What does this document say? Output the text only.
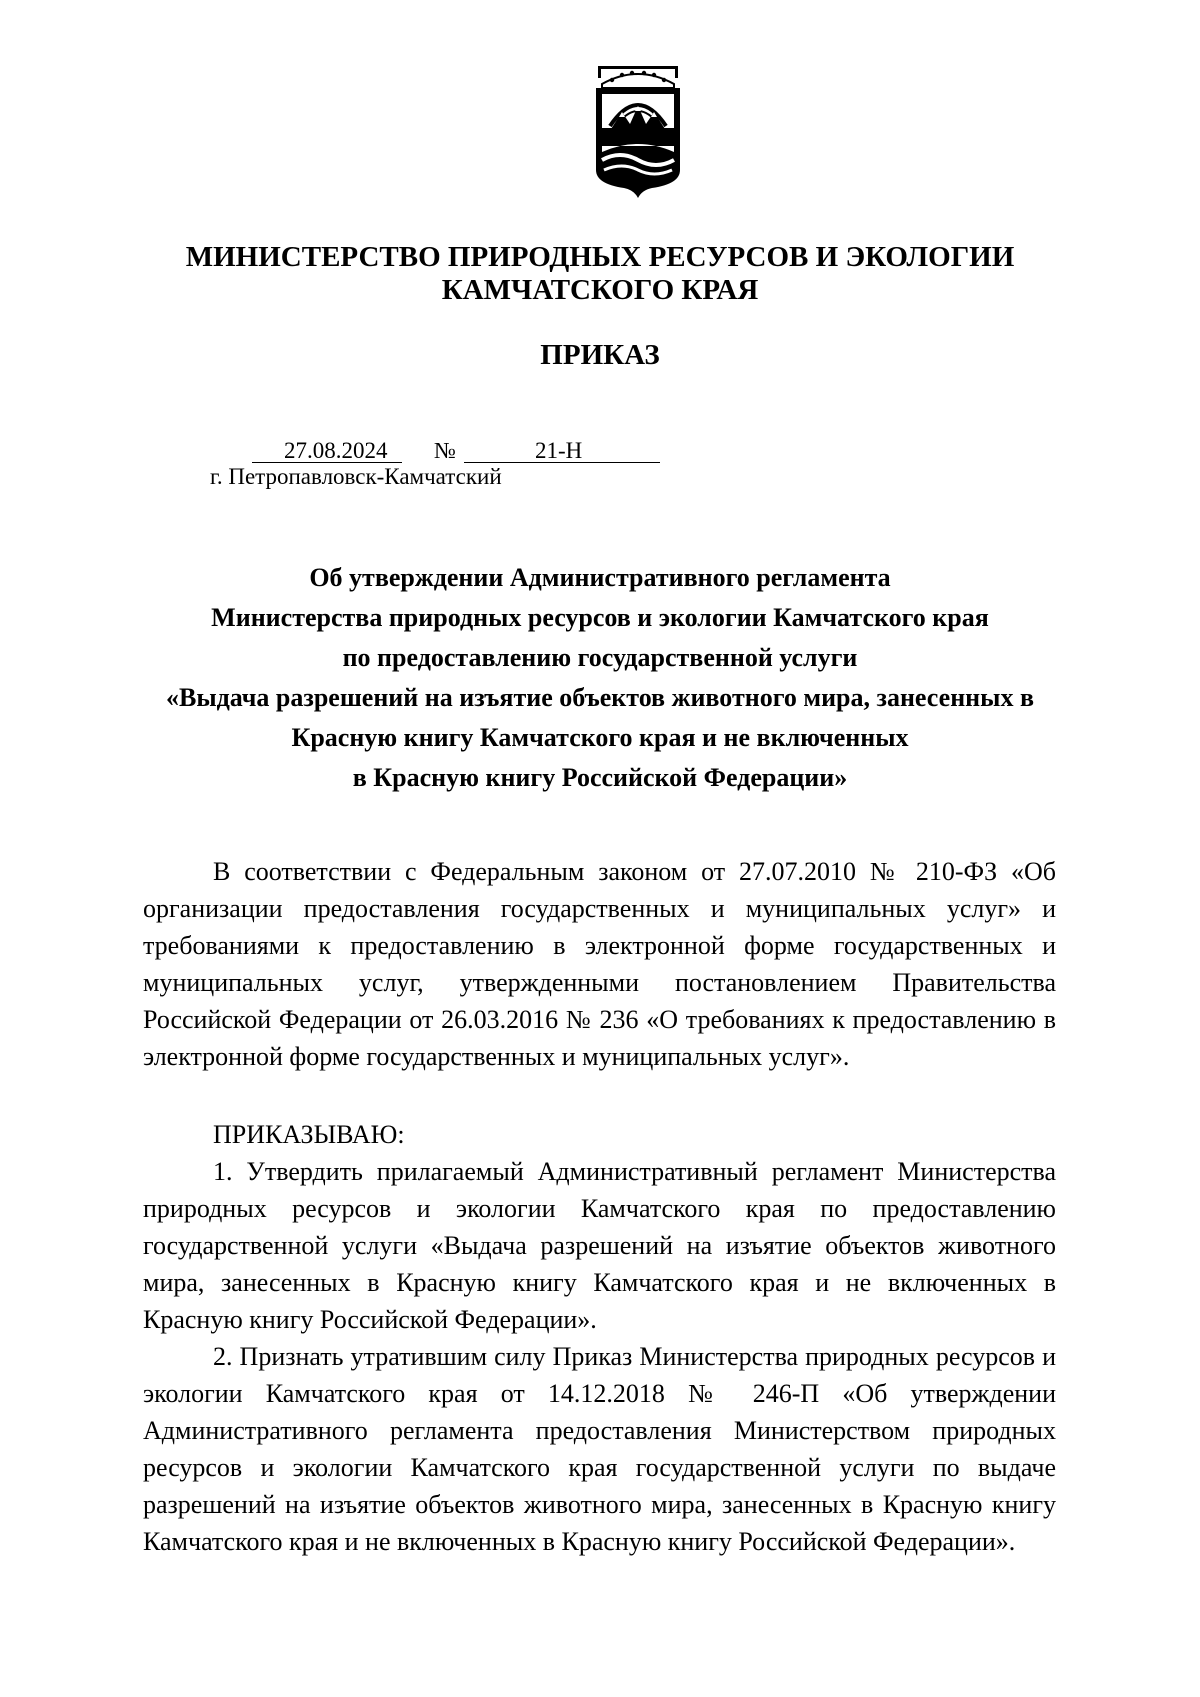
МИНИСТЕРСТВО ПРИРОДНЫХ РЕСУРСОВ И ЭКОЛОГИИ
КАМЧАТСКОГО КРАЯ
ПРИКАЗ
27.08.2024 №	21-Н
г. Петропавловск-Камчатский
Об утверждении Административного регламента
Министерства природных ресурсов и экологии Камчатского края
по предоставлению государственной услуги
«Выдача разрешений на изъятие объектов животного мира, занесенных в
Красную книгу Камчатского края и не включенных
в Красную книгу Российской Федерации»
В соответствии с Федеральным законом от 27.07.2010 № 210-ФЗ «Об организации предоставления государственных и муниципальных услуг» и требованиями к предоставлению в электронной форме государственных и муниципальных услуг, утвержденными постановлением Правительства Российской Федерации от 26.03.2016 № 236 «О требованиях к предоставлению в электронной форме государственных и муниципальных услуг».
ПРИКАЗЫВАЮ:
1. Утвердить прилагаемый Административный регламент Министерства природных ресурсов и экологии Камчатского края по предоставлению государственной услуги «Выдача разрешений на изъятие объектов животного мира, занесенных в Красную книгу Камчатского края и не включенных в Красную книгу Российской Федерации».
2. Признать утратившим силу Приказ Министерства природных ресурсов и экологии Камчатского края от 14.12.2018 № 246-П «Об утверждении Административного регламента предоставления Министерством природных ресурсов и экологии Камчатского края государственной услуги по выдаче разрешений на изъятие объектов животного мира, занесенных в Красную книгу Камчатского края и не включенных в Красную книгу Российской Федерации».
